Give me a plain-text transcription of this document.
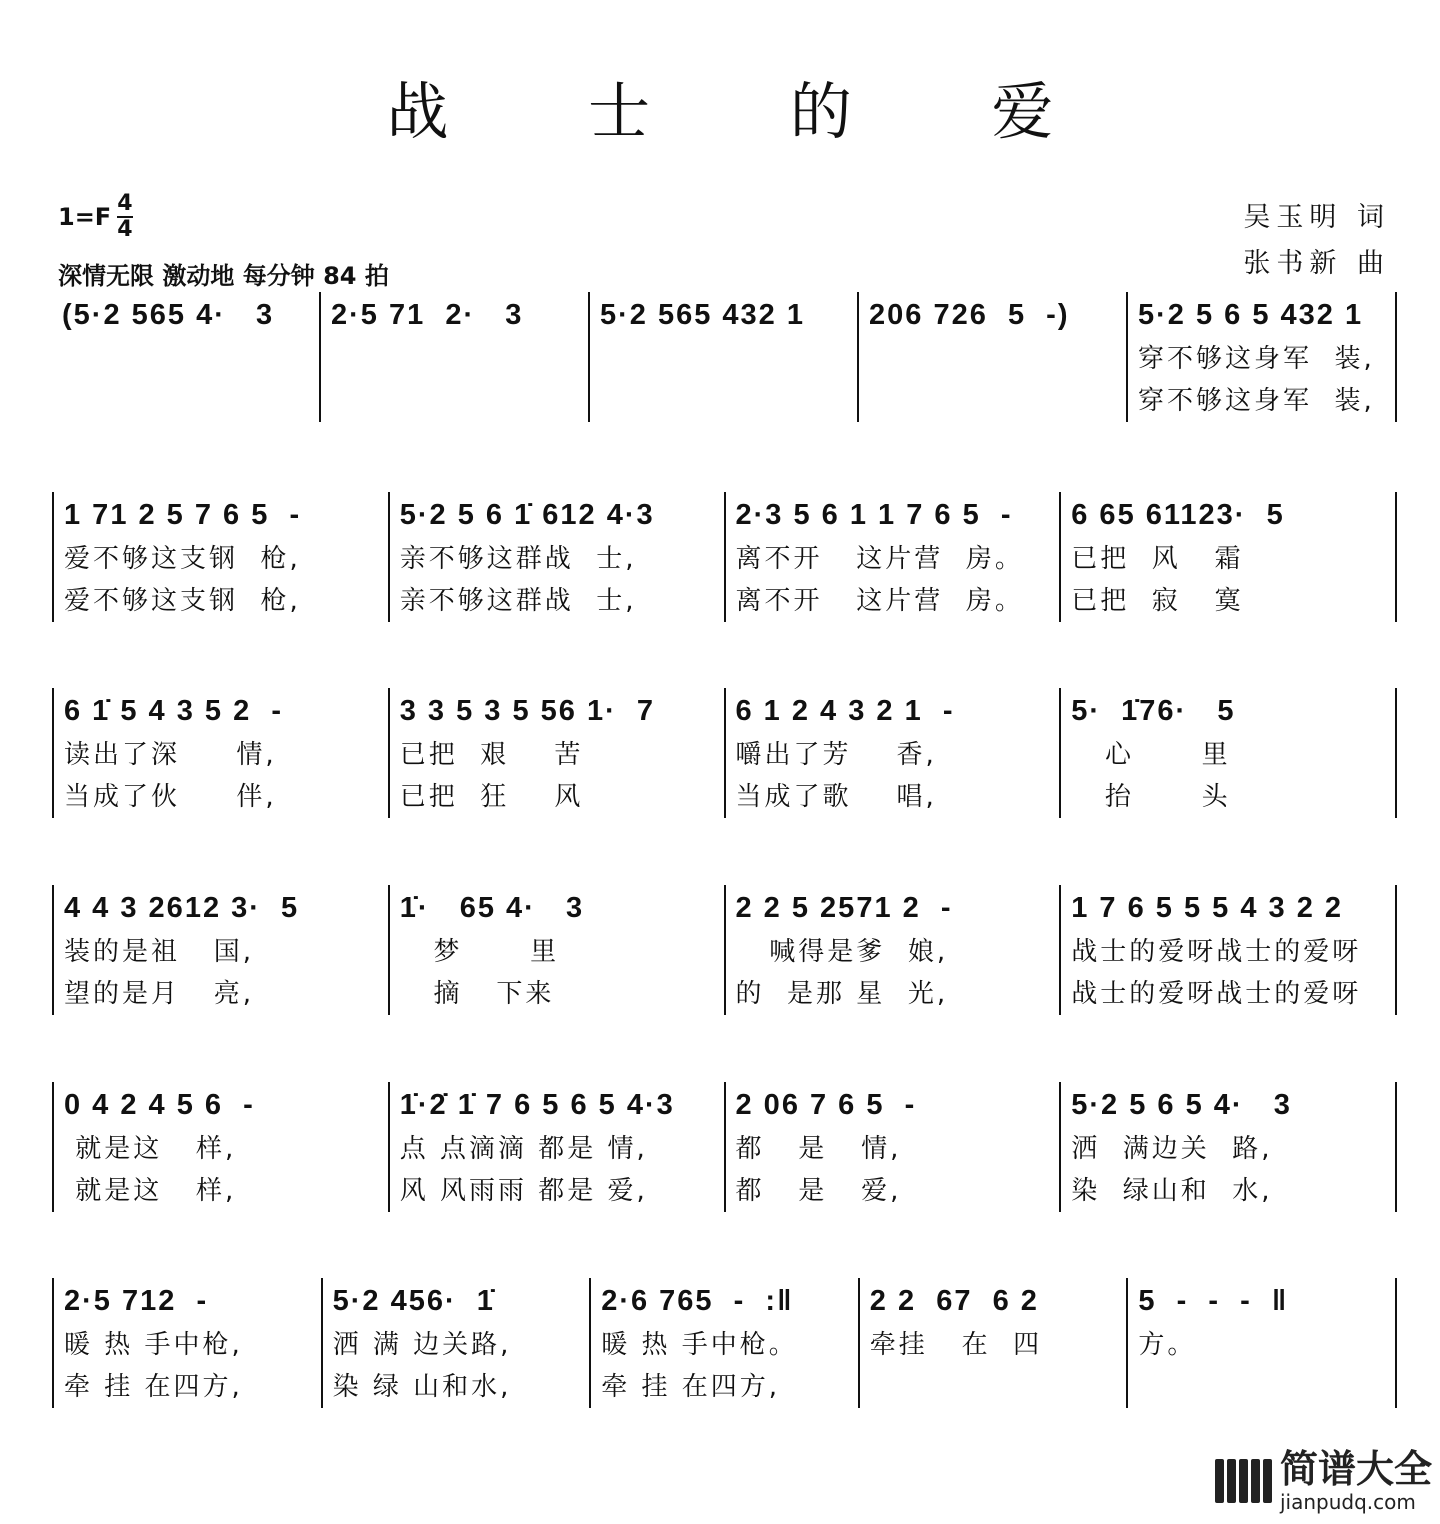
战 士 的 爱
$1=F \frac{4}{4}$
深情无限 激动地 每分钟 84 拍
吴玉明 词
张书新 曲
(5·2 565 4·   3	2·5 71  2·   3	5·2 565 432 1	206 726  5  -)	5·2 5 6 5 432 1
穿不够这身军  装,
穿不够这身军  装,
1 71 2 5 7 6 5  -
爱不够这支钢  枪,
爱不够这支钢  枪,
5·2 5 6 1̇ 612 4·3
亲不够这群战  士,
亲不够这群战  士,
2·3 5 6 1 1 7 6 5  -
离不开   这片营  房。
离不开   这片营  房。
6 65 61123·  5
已把  风   霜
已把  寂   寞
6 1̇ 5 4 3 5 2  -
读出了深     情,
当成了伙     伴,
3 3 5 3 5 56 1·  7
已把  艰    苦
已把  狂    风
6 1 2 4 3 2 1  -
嚼出了芳    香,
当成了歌    唱,
5·  1̇76·   5
心      里
抬      头
4 4 3 2612 3·  5
装的是祖   国,
望的是月   亮,
1̇·   65 4·   3
梦      里
摘   下来
2 2 5 2571 2  -
喊得是爹  娘,
的  是那 星  光,
1 7 6 5 5 5 4 3 2 2
战士的爱呀战士的爱呀
战士的爱呀战士的爱呀
0 4 2 4 5 6  -
就是这   样,
就是这   样,
1̇·2̇ 1̇ 7 6 5 6 5 4·3
点 点滴滴 都是 情,
风 风雨雨 都是 爱,
2 06 7 6 5  -
都   是   情,
都   是   爱,
5·2 5 6 5 4·   3
洒  满边关  路,
染  绿山和  水,
2·5 712  -
暖 热 手中枪,
牵 挂 在四方,
5·2 456·  1̇
洒 满 边关路,
染 绿 山和水,
2·6 765  -  :‖
暖 热 手中枪。
牵 挂 在四方,
2 2  67  6 2
牵挂   在  四
5  -  -  -  ‖
方。
简谱大全
jianpudq.com
